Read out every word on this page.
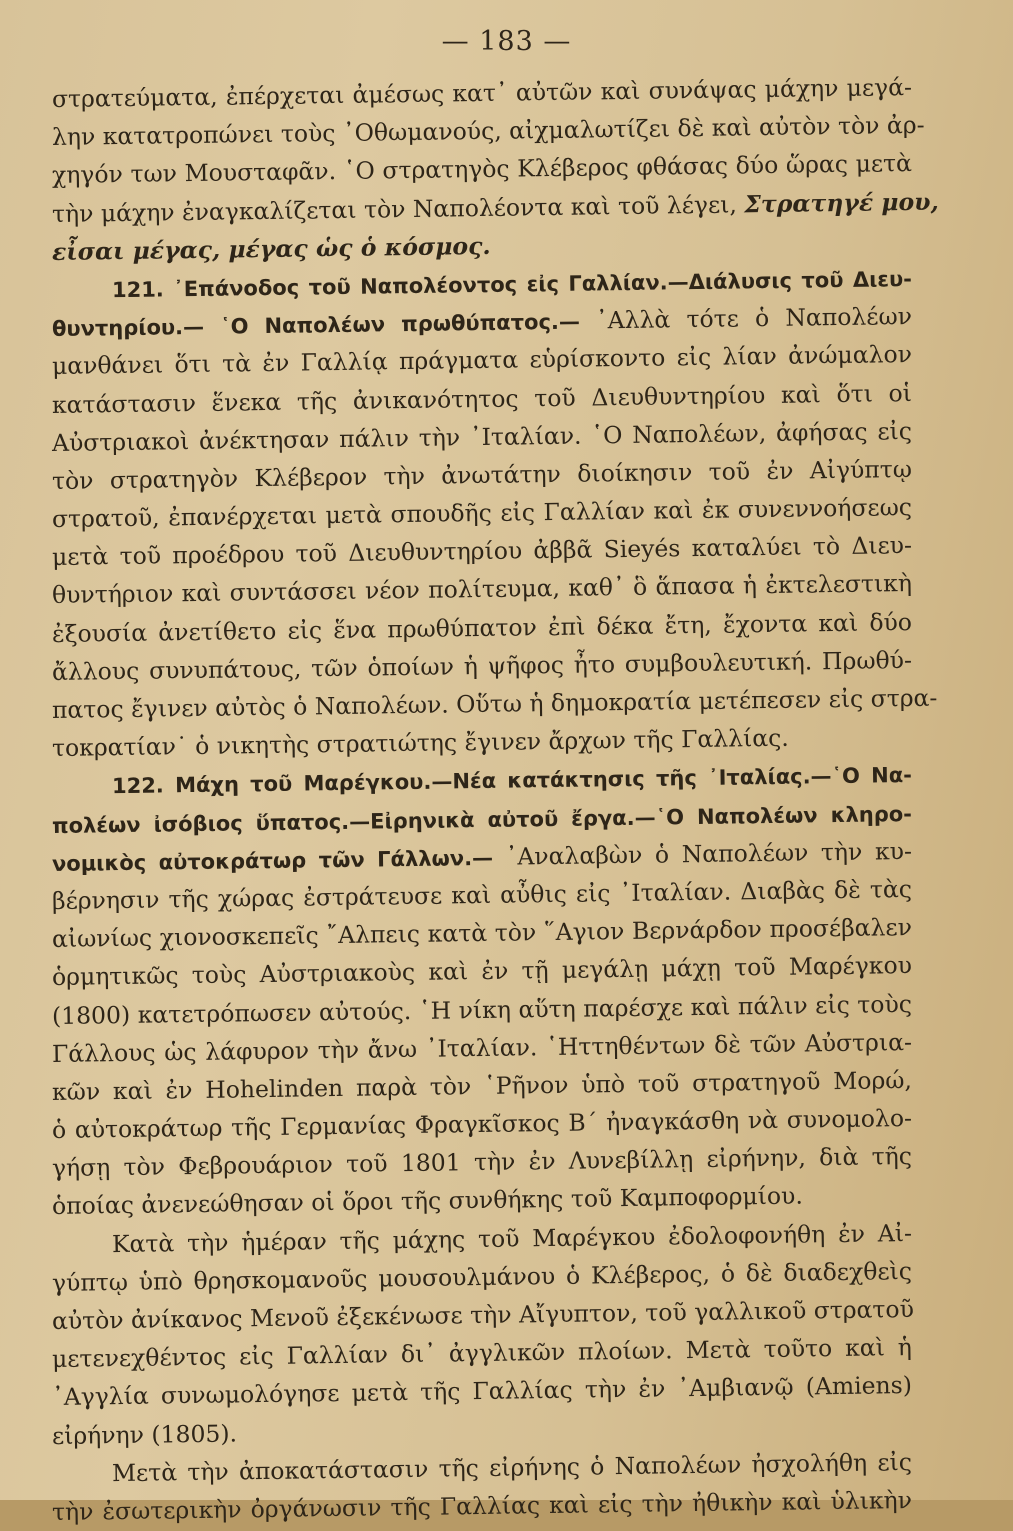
— 183 —
στρατεύματα, ἐπέρχεται ἀμέσως κατ᾽ αὐτῶν καὶ συνάψας μάχην μεγά-
λην κατατροπώνει τοὺς ᾽Οθωμανούς, αἰχμαλωτίζει δὲ καὶ αὐτὸν τὸν ἀρ-
χηγόν των Μουσταφᾶν. ῾Ο στρατηγὸς Κλέβερος φθάσας δύο ὥρας μετὰ
τὴν μάχην ἐναγκαλίζεται τὸν Ναπολέοντα καὶ τοῦ λέγει, Στρατηγέ μου,
εἶσαι μέγας, μέγας ὡς ὁ κόσμος.
121. ᾽Επάνοδος τοῦ Ναπολέοντος εἰς Γαλλίαν.—Διάλυσις τοῦ Διευ-
θυντηρίου.— ῾Ο Ναπολέων πρωθύπατος.— ᾽Αλλὰ τότε ὁ Ναπολέων
μανθάνει ὅτι τὰ ἐν Γαλλίᾳ πράγματα εὑρίσκοντο εἰς λίαν ἀνώμαλον
κατάστασιν ἕνεκα τῆς ἀνικανότητος τοῦ Διευθυντηρίου καὶ ὅτι οἱ
Αὐστριακοὶ ἀνέκτησαν πάλιν τὴν ᾽Ιταλίαν. ῾Ο Ναπολέων, ἀφήσας εἰς
τὸν στρατηγὸν Κλέβερον τὴν ἀνωτάτην διοίκησιν τοῦ ἐν Αἰγύπτῳ
στρατοῦ, ἐπανέρχεται μετὰ σπουδῆς εἰς Γαλλίαν καὶ ἐκ συνεννοήσεως
μετὰ τοῦ προέδρου τοῦ Διευθυντηρίου ἀββᾶ Sieyés καταλύει τὸ Διευ-
θυντήριον καὶ συντάσσει νέον πολίτευμα, καθ᾽ ὃ ἅπασα ἡ ἐκτελεστικὴ
ἐξουσία ἀνετίθετο εἰς ἕνα πρωθύπατον ἐπὶ δέκα ἔτη, ἔχοντα καὶ δύο
ἄλλους συνυπάτους, τῶν ὁποίων ἡ ψῆφος ἦτο συμβουλευτική. Πρωθύ-
πατος ἔγινεν αὐτὸς ὁ Ναπολέων. Οὕτω ἡ δημοκρατία μετέπεσεν εἰς στρα-
τοκρατίαν˙ ὁ νικητὴς στρατιώτης ἔγινεν ἄρχων τῆς Γαλλίας.
122. Μάχη τοῦ Μαρέγκου.—Νέα κατάκτησις τῆς ᾽Ιταλίας.—῾Ο Να-
πολέων ἰσόβιος ὕπατος.—Εἰρηνικὰ αὐτοῦ ἔργα.—῾Ο Ναπολέων κληρο-
νομικὸς αὐτοκράτωρ τῶν Γάλλων.— ᾽Αναλαβὼν ὁ Ναπολέων τὴν κυ-
βέρνησιν τῆς χώρας ἐστράτευσε καὶ αὖθις εἰς ᾽Ιταλίαν. Διαβὰς δὲ τὰς
αἰωνίως χιονοσκεπεῖς ῎Αλπεις κατὰ τὸν ῞Αγιον Βερνάρδον προσέβαλεν
ὁρμητικῶς τοὺς Αὐστριακοὺς καὶ ἐν τῇ μεγάλῃ μάχῃ τοῦ Μαρέγκου
(1800) κατετρόπωσεν αὐτούς. ῾Η νίκη αὕτη παρέσχε καὶ πάλιν εἰς τοὺς
Γάλλους ὡς λάφυρον τὴν ἄνω ᾽Ιταλίαν. ῾Ηττηθέντων δὲ τῶν Αὐστρια-
κῶν καὶ ἐν Hohelinden παρὰ τὸν ῾Ρῆνον ὑπὸ τοῦ στρατηγοῦ Μορώ,
ὁ αὐτοκράτωρ τῆς Γερμανίας Φραγκῖσκος Β΄ ἠναγκάσθη νὰ συνομολο-
γήσῃ τὸν Φεβρουάριον τοῦ 1801 τὴν ἐν Λυνεβίλλῃ εἰρήνην, διὰ τῆς
ὁποίας ἀνενεώθησαν οἱ ὅροι τῆς συνθήκης τοῦ Καμποφορμίου.
Κατὰ τὴν ἡμέραν τῆς μάχης τοῦ Μαρέγκου ἐδολοφονήθη ἐν Αἰ-
γύπτῳ ὑπὸ θρησκομανοῦς μουσουλμάνου ὁ Κλέβερος, ὁ δὲ διαδεχθεὶς
αὐτὸν ἀνίκανος Μενοῦ ἐξεκένωσε τὴν Αἴγυπτον, τοῦ γαλλικοῦ στρατοῦ
μετενεχθέντος εἰς Γαλλίαν δι᾽ ἀγγλικῶν πλοίων. Μετὰ τοῦτο καὶ ἡ
᾽Αγγλία συνωμολόγησε μετὰ τῆς Γαλλίας τὴν ἐν ᾽Αμβιανῷ (Amiens)
εἰρήνην (1805).
Μετὰ τὴν ἀποκατάστασιν τῆς εἰρήνης ὁ Ναπολέων ἠσχολήθη εἰς
τὴν ἐσωτερικὴν ὀργάνωσιν τῆς Γαλλίας καὶ εἰς τὴν ἠθικὴν καὶ ὑλικὴν
